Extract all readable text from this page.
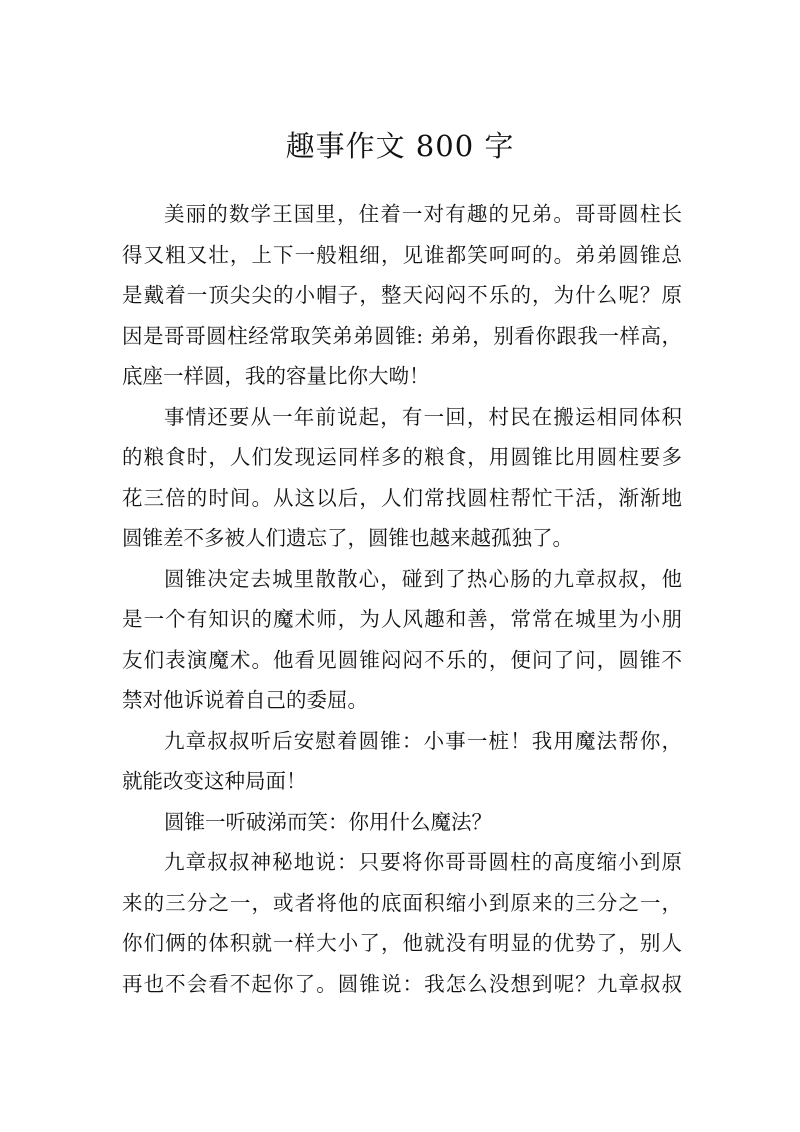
趣事作文 800 字
美丽的数学王国里，住着一对有趣的兄弟。哥哥圆柱长
得又粗又壮，上下一般粗细，见谁都笑呵呵的。弟弟圆锥总
是戴着一顶尖尖的小帽子，整天闷闷不乐的，为什么呢？原
因是哥哥圆柱经常取笑弟弟圆锥: 弟弟，别看你跟我一样高，
底座一样圆，我的容量比你大呦！
事情还要从一年前说起，有一回，村民在搬运相同体积
的粮食时，人们发现运同样多的粮食，用圆锥比用圆柱要多
花三倍的时间。从这以后，人们常找圆柱帮忙干活，渐渐地
圆锥差不多被人们遗忘了，圆锥也越来越孤独了。
圆锥决定去城里散散心，碰到了热心肠的九章叔叔，他
是一个有知识的魔术师，为人风趣和善，常常在城里为小朋
友们表演魔术。他看见圆锥闷闷不乐的，便问了问，圆锥不
禁对他诉说着自己的委屈。
九章叔叔听后安慰着圆锥：小事一桩！我用魔法帮你，
就能改变这种局面！
圆锥一听破涕而笑：你用什么魔法？
九章叔叔神秘地说：只要将你哥哥圆柱的高度缩小到原
来的三分之一，或者将他的底面积缩小到原来的三分之一，
你们俩的体积就一样大小了，他就没有明显的优势了，别人
再也不会看不起你了。圆锥说：我怎么没想到呢？九章叔叔
